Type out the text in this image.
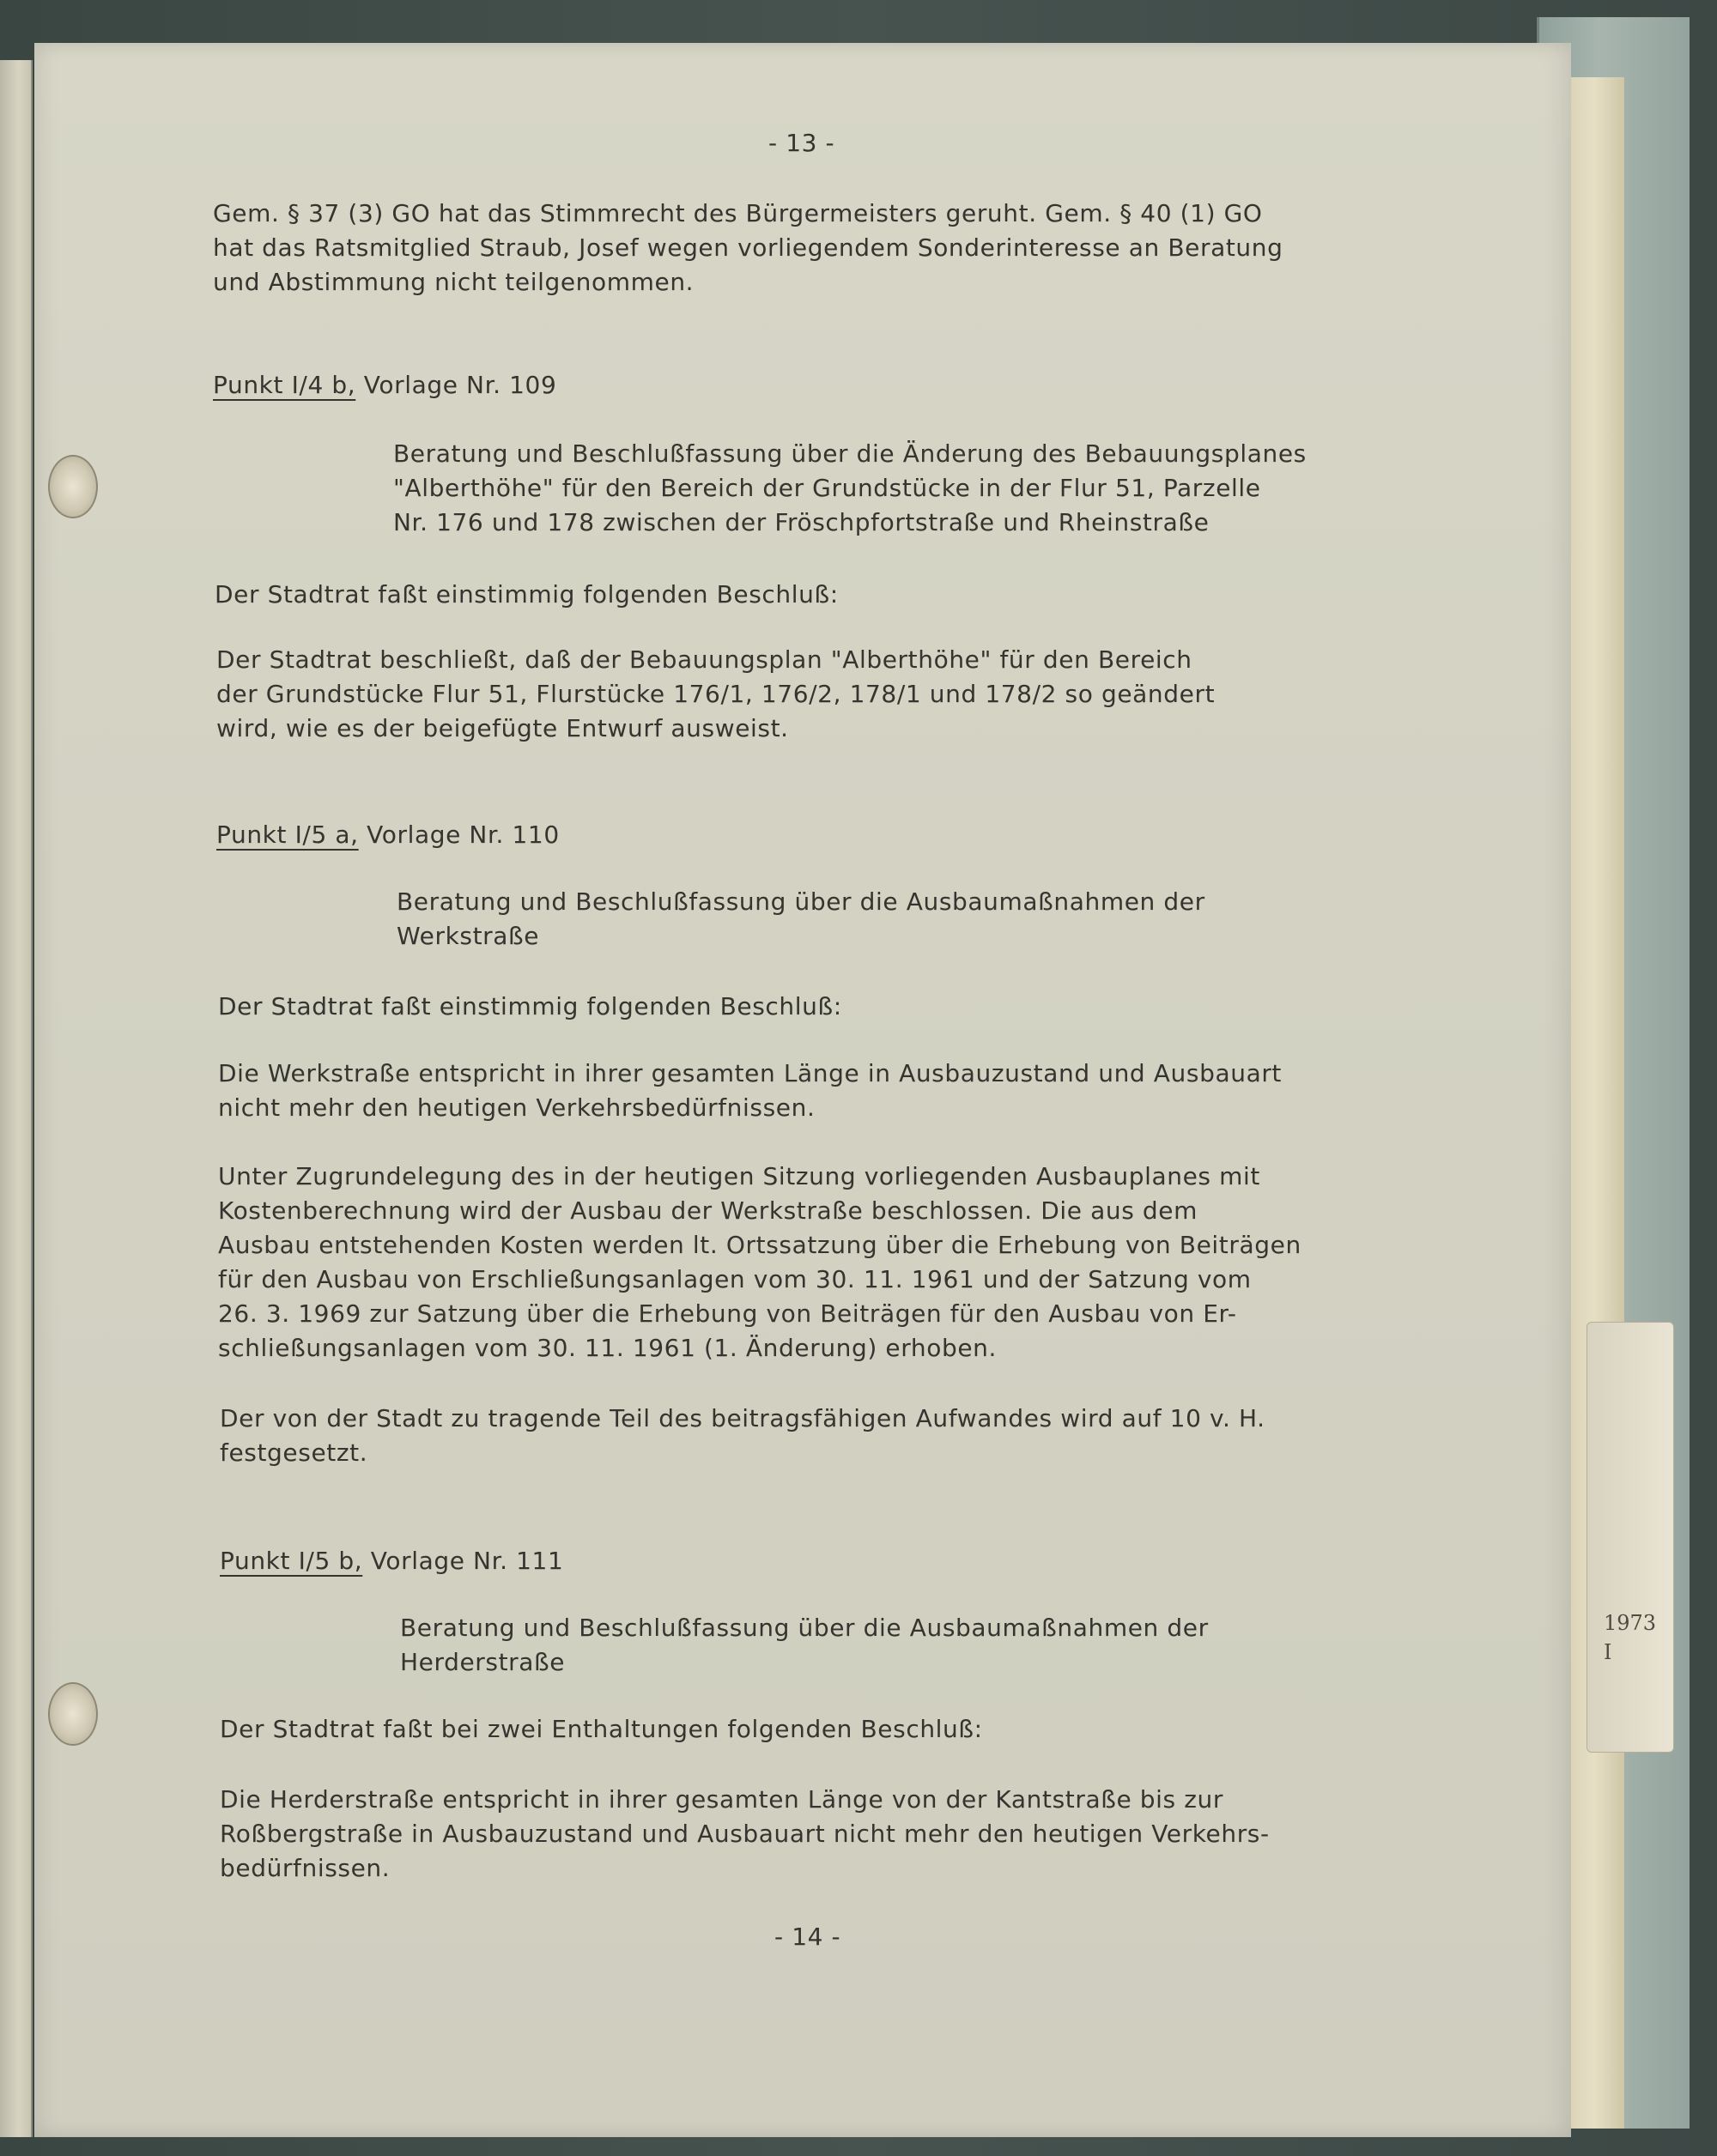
1973
I
- 13 -
Gem. § 37 (3) GO hat das Stimmrecht des Bürgermeisters geruht. Gem. § 40 (1) GO
hat das Ratsmitglied Straub, Josef wegen vorliegendem Sonderinteresse an Beratung
und Abstimmung nicht teilgenommen.
Punkt I/4 b, Vorlage Nr. 109
Beratung und Beschlußfassung über die Änderung des Bebauungsplanes
"Alberthöhe" für den Bereich der Grundstücke in der Flur 51, Parzelle
Nr. 176 und 178 zwischen der Fröschpfortstraße und Rheinstraße
Der Stadtrat faßt einstimmig folgenden Beschluß:
Der Stadtrat beschließt, daß der Bebauungsplan "Alberthöhe" für den Bereich
der Grundstücke Flur 51, Flurstücke 176/1, 176/2, 178/1 und 178/2 so geändert
wird, wie es der beigefügte Entwurf ausweist.
Punkt I/5 a, Vorlage Nr. 110
Beratung und Beschlußfassung über die Ausbaumaßnahmen der
Werkstraße
Der Stadtrat faßt einstimmig folgenden Beschluß:
Die Werkstraße entspricht in ihrer gesamten Länge in Ausbauzustand und Ausbauart
nicht mehr den heutigen Verkehrsbedürfnissen.
Unter Zugrundelegung des in der heutigen Sitzung vorliegenden Ausbauplanes mit
Kostenberechnung wird der Ausbau der Werkstraße beschlossen. Die aus dem
Ausbau entstehenden Kosten werden lt. Ortssatzung über die Erhebung von Beiträgen
für den Ausbau von Erschließungsanlagen vom 30. 11. 1961 und der Satzung vom
26. 3. 1969 zur Satzung über die Erhebung von Beiträgen für den Ausbau von Er-
schließungsanlagen vom 30. 11. 1961 (1. Änderung) erhoben.
Der von der Stadt zu tragende Teil des beitragsfähigen Aufwandes wird auf 10 v. H.
festgesetzt.
Punkt I/5 b, Vorlage Nr. 111
Beratung und Beschlußfassung über die Ausbaumaßnahmen der
Herderstraße
Der Stadtrat faßt bei zwei Enthaltungen folgenden Beschluß:
Die Herderstraße entspricht in ihrer gesamten Länge von der Kantstraße bis zur
Roßbergstraße in Ausbauzustand und Ausbauart nicht mehr den heutigen Verkehrs-
bedürfnissen.
- 14 -
